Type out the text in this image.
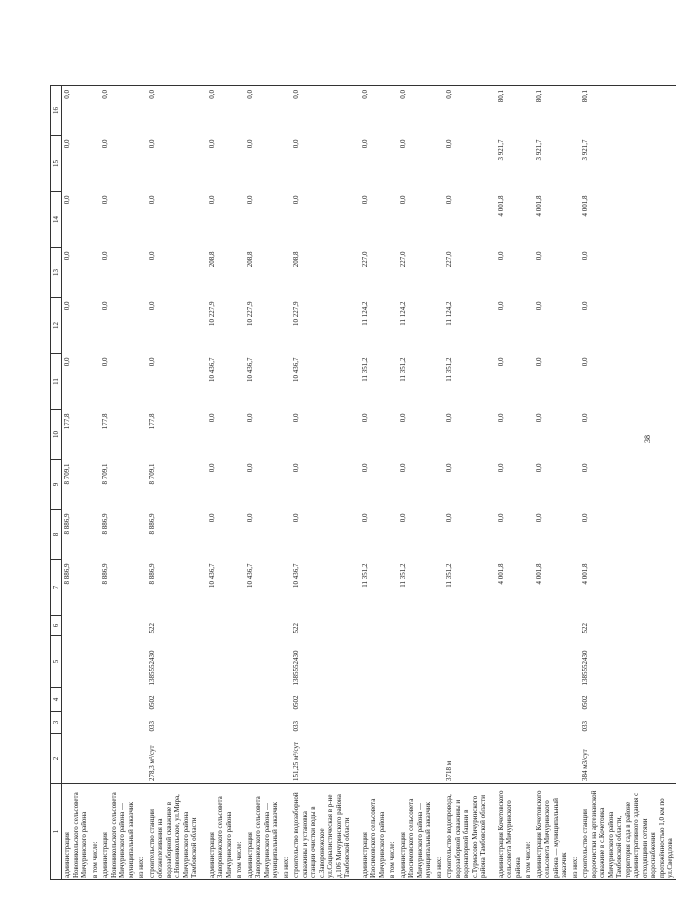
38
1	2	3	4	5	6	7	8	9	10	11	12	13	14	15	16
администрация Новоникольского сельсовета Мичуринского района						8 886,9	8 886,9	8 709,1	177,8	0,0	0,0	0,0	0,0	0,0	0,0
в том числе:															
администрация Новоникольского сельсовета Мичуринского района — муниципальный заказчик						8 886,9	8 886,9	8 709,1	177,8	0,0	0,0	0,0	0,0	0,0	0,0
из них:															
строительство станции обезжелезивания на водозаборной скважине в с.Новоникольское, ул.Мира, Мичуринского района Тамбовской области	278,3 м³/сут	033	0502	1385552430	522	8 886,9	8 886,9	8 709,1	177,8	0,0	0,0	0,0	0,0	0,0	0,0
администрация Заворонежского сельсовета Мичуринского района						10 436,7	0,0	0,0	0,0	10 436,7	10 227,9	208,8	0,0	0,0	0,0
в том числе:															
администрация Заворонежского сельсовета Мичуринского района — муниципальный заказчик						10 436,7	0,0	0,0	0,0	10 436,7	10 227,9	208,8	0,0	0,0	0,0
из них:															
строительство водозаборной скважины и установка станции очистки воды в с.Заворонежское ул.Социалистическая в р-не д.106 Мичуринского района Тамбовской области	151,25 м³/сут	033	0502	1385552430	522	10 436,7	0,0	0,0	0,0	10 436,7	10 227,9	208,8	0,0	0,0	0,0
администрация Изосимовского сельсовета Мичуринского района						11 351,2	0,0	0,0	0,0	11 351,2	11 124,2	227,0	0,0	0,0	0,0
в том числе:															
администрация Изосимовского сельсовета Мичуринского района — муниципальный заказчик						11 351,2	0,0	0,0	0,0	11 351,2	11 124,2	227,0	0,0	0,0	0,0
из них:															
строительство водопровода, водозаборной скважины и водонапорной башни в с.Турмасово Мичуринского района Тамбовской области	3718 м					11 351,2	0,0	0,0	0,0	11 351,2	11 124,2	227,0	0,0	0,0	0,0
администрация Кочетовского сельсовета Мичуринского района						4 001,8	0,0	0,0	0,0	0,0	0,0	0,0	4 001,8	3 921,7	80,1
в том числе:															
администрация Кочетовского сельсовета Мичуринского района — муниципальный заказчик						4 001,8	0,0	0,0	0,0	0,0	0,0	0,0	4 001,8	3 921,7	80,1
из них:															
строительство станции водоочистки на артезианской скважине в с.Кочетовка Мичуринского района Тамбовской области, территория сада в районе административного здания с отходящими сетями водоснабжения протяжённостью 1,0 км по ул.Свердлова	384 м3/сут	033	0502	1385552430	522	4 001,8	0,0	0,0	0,0	0,0	0,0	0,0	4 001,8	3 921,7	80,1
